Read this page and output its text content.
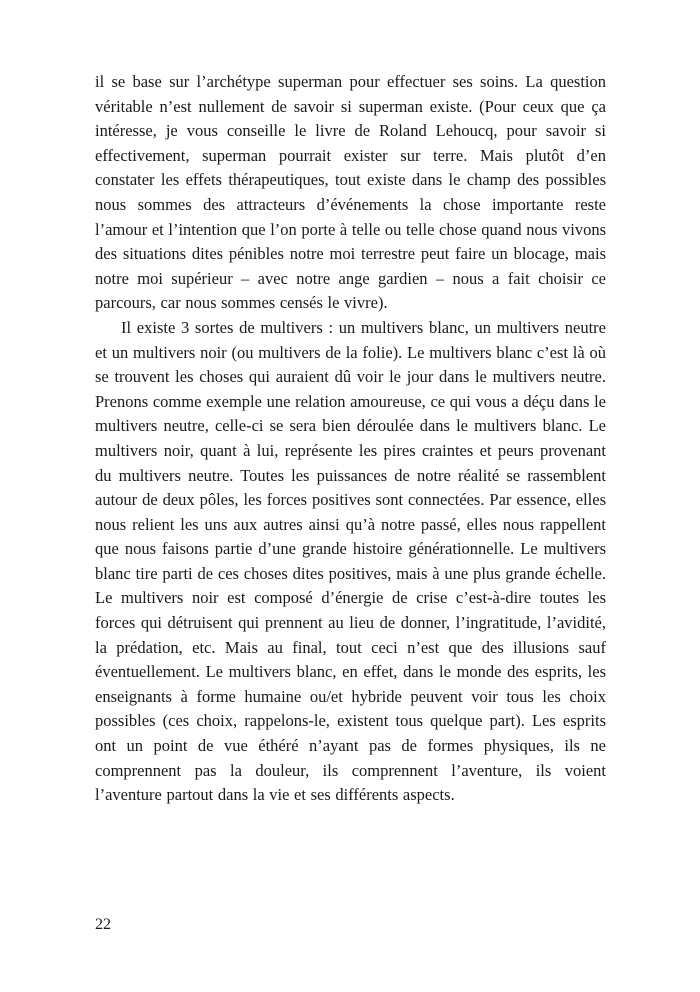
il se base sur l’archétype superman pour effectuer ses soins. La question véritable n’est nullement de savoir si superman existe. (Pour ceux que ça intéresse, je vous conseille le livre de Roland Lehoucq, pour savoir si effectivement, superman pourrait exister sur terre. Mais plutôt d’en constater les effets thérapeutiques, tout existe dans le champ des possibles nous sommes des attracteurs d’événements la chose importante reste l’amour et l’intention que l’on porte à telle ou telle chose quand nous vivons des situations dites pénibles notre moi terrestre peut faire un blocage, mais notre moi supérieur – avec notre ange gardien – nous a fait choisir ce parcours, car nous sommes censés le vivre).

Il existe 3 sortes de multivers : un multivers blanc, un multivers neutre et un multivers noir (ou multivers de la folie). Le multivers blanc c’est là où se trouvent les choses qui auraient dû voir le jour dans le multivers neutre. Prenons comme exemple une relation amoureuse, ce qui vous a déçu dans le multivers neutre, celle-ci se sera bien déroulée dans le multivers blanc. Le multivers noir, quant à lui, représente les pires craintes et peurs provenant du multivers neutre. Toutes les puissances de notre réalité se rassemblent autour de deux pôles, les forces positives sont connectées. Par essence, elles nous relient les uns aux autres ainsi qu’à notre passé, elles nous rappellent que nous faisons partie d’une grande histoire générationnelle. Le multivers blanc tire parti de ces choses dites positives, mais à une plus grande échelle. Le multivers noir est composé d’énergie de crise c’est-à-dire toutes les forces qui détruisent qui prennent au lieu de donner, l’ingratitude, l’avidité, la prédation, etc. Mais au final, tout ceci n’est que des illusions sauf éventuellement. Le multivers blanc, en effet, dans le monde des esprits, les enseignants à forme humaine ou/et hybride peuvent voir tous les choix possibles (ces choix, rappelons-le, existent tous quelque part). Les esprits ont un point de vue éthéré n’ayant pas de formes physiques, ils ne comprennent pas la douleur, ils comprennent l’aventure, ils voient l’aventure partout dans la vie et ses différents aspects.

22
